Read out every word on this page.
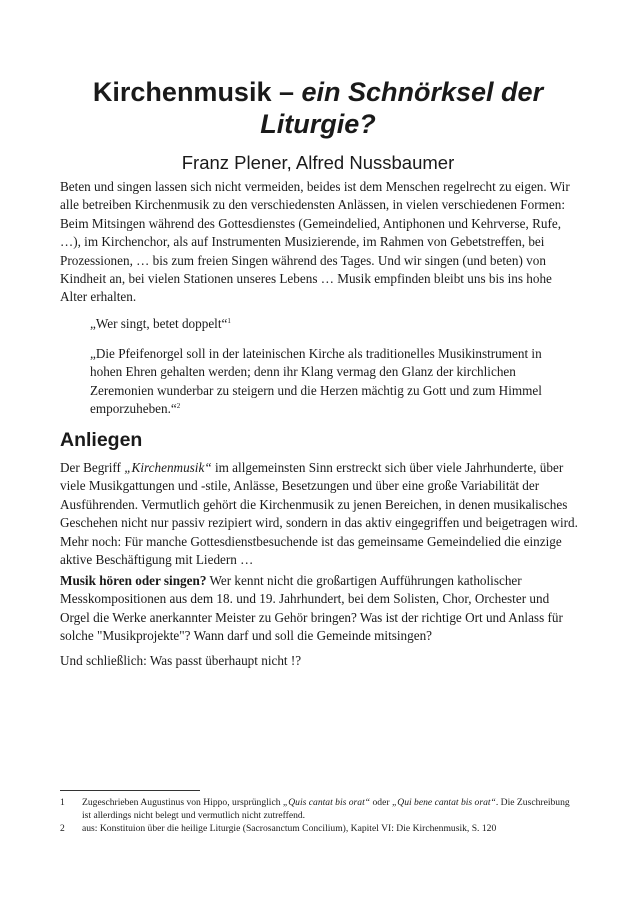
Kirchenmusik – ein Schnörksel der Liturgie?

Franz Plener, Alfred Nussbaumer

Beten und singen lassen sich nicht vermeiden, beides ist dem Menschen regelrecht zu eigen. Wir alle betreiben Kirchenmusik zu den verschiedensten Anlässen, in vielen verschiedenen Formen: Beim Mitsingen während des Gottesdienstes (Gemeindelied, Antiphonen und Kehrverse, Rufe, …), im Kirchenchor, als auf Instrumenten Musizierende, im Rahmen von Gebetstreffen, bei Prozessionen, … bis zum freien Singen während des Tages. Und wir singen (und beten) von Kindheit an, bei vielen Stationen unseres Lebens … Musik empfinden bleibt uns bis ins hohe Alter erhalten.

„Wer singt, betet doppelt“$^1$

„Die Pfeifenorgel soll in der lateinischen Kirche als traditionelles Musikinstrument in hohen Ehren gehalten werden; denn ihr Klang vermag den Glanz der kirchlichen Zeremonien wunderbar zu steigern und die Herzen mächtig zu Gott und zum Himmel emporzuheben.“$^2$

Anliegen

Der Begriff „Kirchenmusik“ im allgemeinsten Sinn erstreckt sich über viele Jahrhunderte, über viele Musikgattungen und -stile, Anlässe, Besetzungen und über eine große Variabilität der Ausführenden. Vermutlich gehört die Kirchenmusik zu jenen Bereichen, in denen musikalisches Geschehen nicht nur passiv rezipiert wird, sondern in das aktiv eingegriffen und beigetragen wird. Mehr noch: Für manche Gottesdienstbesuchende ist das gemeinsame Gemeindelied die einzige aktive Beschäftigung mit Liedern …

Musik hören oder singen? Wer kennt nicht die großartigen Aufführungen katholischer Messkompositionen aus dem 18. und 19. Jahrhundert, bei dem Solisten, Chor, Orchester und Orgel die Werke anerkannter Meister zu Gehör bringen? Was ist der richtige Ort und Anlass für solche "Musikprojekte"? Wann darf und soll die Gemeinde mitsingen?

Und schließlich: Was passt überhaupt nicht !?

1 Zugeschrieben Augustinus von Hippo, ursprünglich „Quis cantat bis orat“ oder „Qui bene cantat bis orat“. Die Zuschreibung ist allerdings nicht belegt und vermutlich nicht zutreffend.
2 aus: Konstituion über die heilige Liturgie (Sacrosanctum Concilium), Kapitel VI: Die Kirchenmusik, S. 120
